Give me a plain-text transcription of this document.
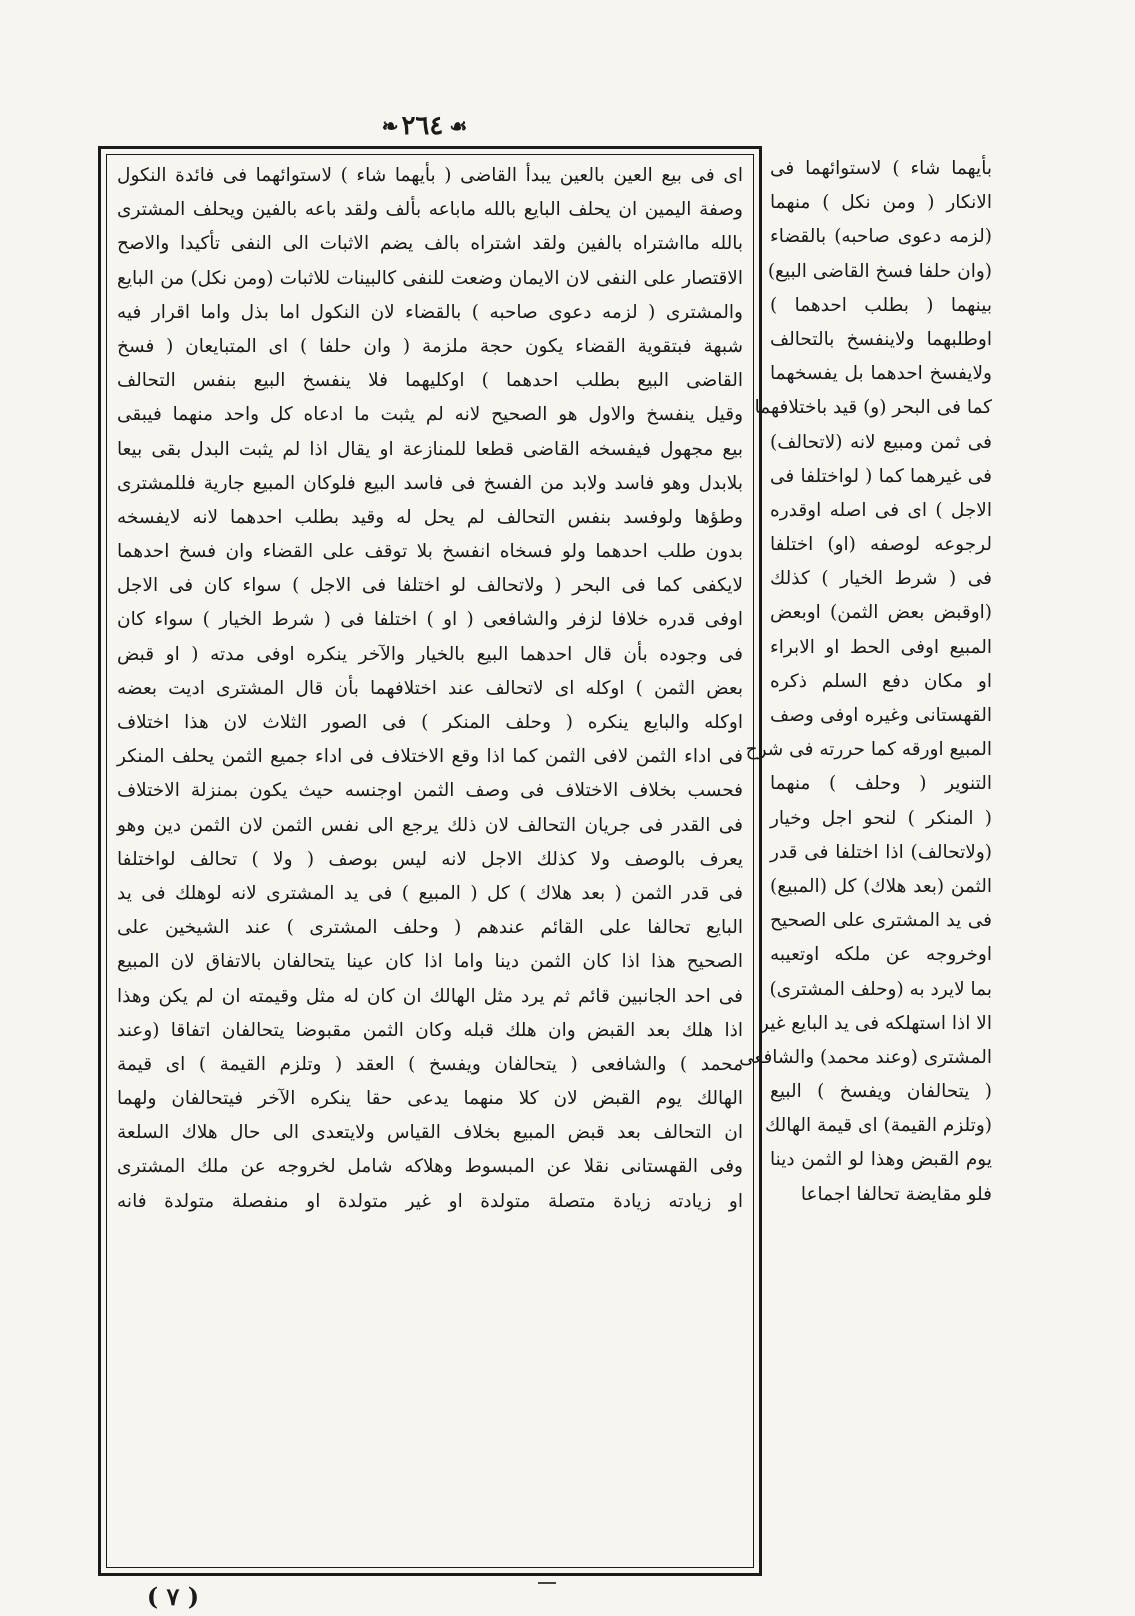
❧ ٢٦٤ ☙
اى فى بيع العين بالعين يبدأ القاضى ( بأيهما شاء ) لاستوائهما فى فائدة النكول
وصفة اليمين ان يحلف البايع بالله ماباعه بألف ولقد باعه بالفين ويحلف المشترى
بالله مااشتراه بالفين ولقد اشتراه بالف يضم الاثبات الى النفى تأكيدا والاصح
الاقتصار على النفى لان الايمان وضعت للنفى كالبينات للاثبات (ومن نكل) من البايع
والمشترى ( لزمه دعوى صاحبه ) بالقضاء لان النكول اما بذل واما اقرار فيه
شبهة فبتقوية القضاء يكون حجة ملزمة ( وان حلفا ) اى المتبايعان ( فسخ
القاضى البيع بطلب احدهما ) اوكليهما فلا ينفسخ البيع بنفس التحالف
وقيل ينفسخ والاول هو الصحيح لانه لم يثبت ما ادعاه كل واحد منهما فيبقى
بيع مجهول فيفسخه القاضى قطعا للمنازعة او يقال اذا لم يثبت البدل بقى بيعا
بلابدل وهو فاسد ولابد من الفسخ فى فاسد البيع فلوكان المبيع جارية فللمشترى
وطؤها ولوفسد بنفس التحالف لم يحل له وقيد بطلب احدهما لانه لايفسخه
بدون طلب احدهما ولو فسخاه انفسخ بلا توقف على القضاء وان فسخ احدهما
لايكفى كما فى البحر ( ولاتحالف لو اختلفا فى الاجل ) سواء كان فى الاجل
اوفى قدره خلافا لزفر والشافعى ( او ) اختلفا فى ( شرط الخيار ) سواء كان
فى وجوده بأن قال احدهما البيع بالخيار والآخر ينكره اوفى مدته ( او قبض
بعض الثمن ) اوكله اى لاتحالف عند اختلافهما بأن قال المشترى اديت بعضه
اوكله والبايع ينكره ( وحلف المنكر ) فى الصور الثلاث لان هذا اختلاف
فى اداء الثمن لافى الثمن كما اذا وقع الاختلاف فى اداء جميع الثمن يحلف المنكر
فحسب بخلاف الاختلاف فى وصف الثمن اوجنسه حيث يكون بمنزلة الاختلاف
فى القدر فى جريان التحالف لان ذلك يرجع الى نفس الثمن لان الثمن دين وهو
يعرف بالوصف ولا كذلك الاجل لانه ليس بوصف ( ولا ) تحالف لواختلفا
فى قدر الثمن ( بعد هلاك ) كل ( المبيع ) فى يد المشترى لانه لوهلك فى يد
البايع تحالفا على القائم عندهم ( وحلف المشترى ) عند الشيخين على
الصحيح هذا اذا كان الثمن دينا واما اذا كان عينا يتحالفان بالاتفاق لان المبيع
فى احد الجانبين قائم ثم يرد مثل الهالك ان كان له مثل وقيمته ان لم يكن وهذا
اذا هلك بعد القبض وان هلك قبله وكان الثمن مقبوضا يتحالفان اتفاقا (وعند
محمد ) والشافعى ( يتحالفان ويفسخ ) العقد ( وتلزم القيمة ) اى قيمة
الهالك يوم القبض لان كلا منهما يدعى حقا ينكره الآخر فيتحالفان ولهما
ان التحالف بعد قبض المبيع بخلاف القياس ولايتعدى الى حال هلاك السلعة
وفى القهستانى نقلا عن المبسوط وهلاكه شامل لخروجه عن ملك المشترى
او زيادته زيادة متصلة متولدة او غير متولدة او منفصلة متولدة فانه
بأيهما شاء ) لاستوائهما فى
الانكار ( ومن نكل ) منهما
(لزمه دعوى صاحبه) بالقضاء
(وان حلفا فسخ القاضى البيع)
بينهما ( بطلب احدهما )
اوطلبهما ولاينفسخ بالتحالف
ولايفسخ احدهما بل يفسخهما
كما فى البحر (و) قيد باختلافهما
فى ثمن ومبيع لانه (لاتحالف)
فى غيرهما كما ( لواختلفا فى
الاجل ) اى فى اصله اوقدره
لرجوعه لوصفه (او) اختلفا
فى ( شرط الخيار ) كذلك
(اوقبض بعض الثمن) اوبعض
المبيع اوفى الحط او الابراء
او مكان دفع السلم ذكره
القهستانى وغيره اوفى وصف
المبيع اورقه كما حررته فى شرح
التنوير ( وحلف ) منهما
( المنكر ) لنحو اجل وخيار
(ولاتحالف) اذا اختلفا فى قدر
الثمن (بعد هلاك) كل (المبيع)
فى يد المشترى على الصحيح
اوخروجه عن ملكه اوتعيبه
بما لايرد به (وحلف المشترى)
الا اذا استهلكه فى يد البايع غير
المشترى (وعند محمد) والشافعى
( يتحالفان ويفسخ ) البيع
(وتلزم القيمة) اى قيمة الهالك
يوم القبض وهذا لو الثمن دينا
فلو مقايضة تحالفا اجماعا
( ٧ )
